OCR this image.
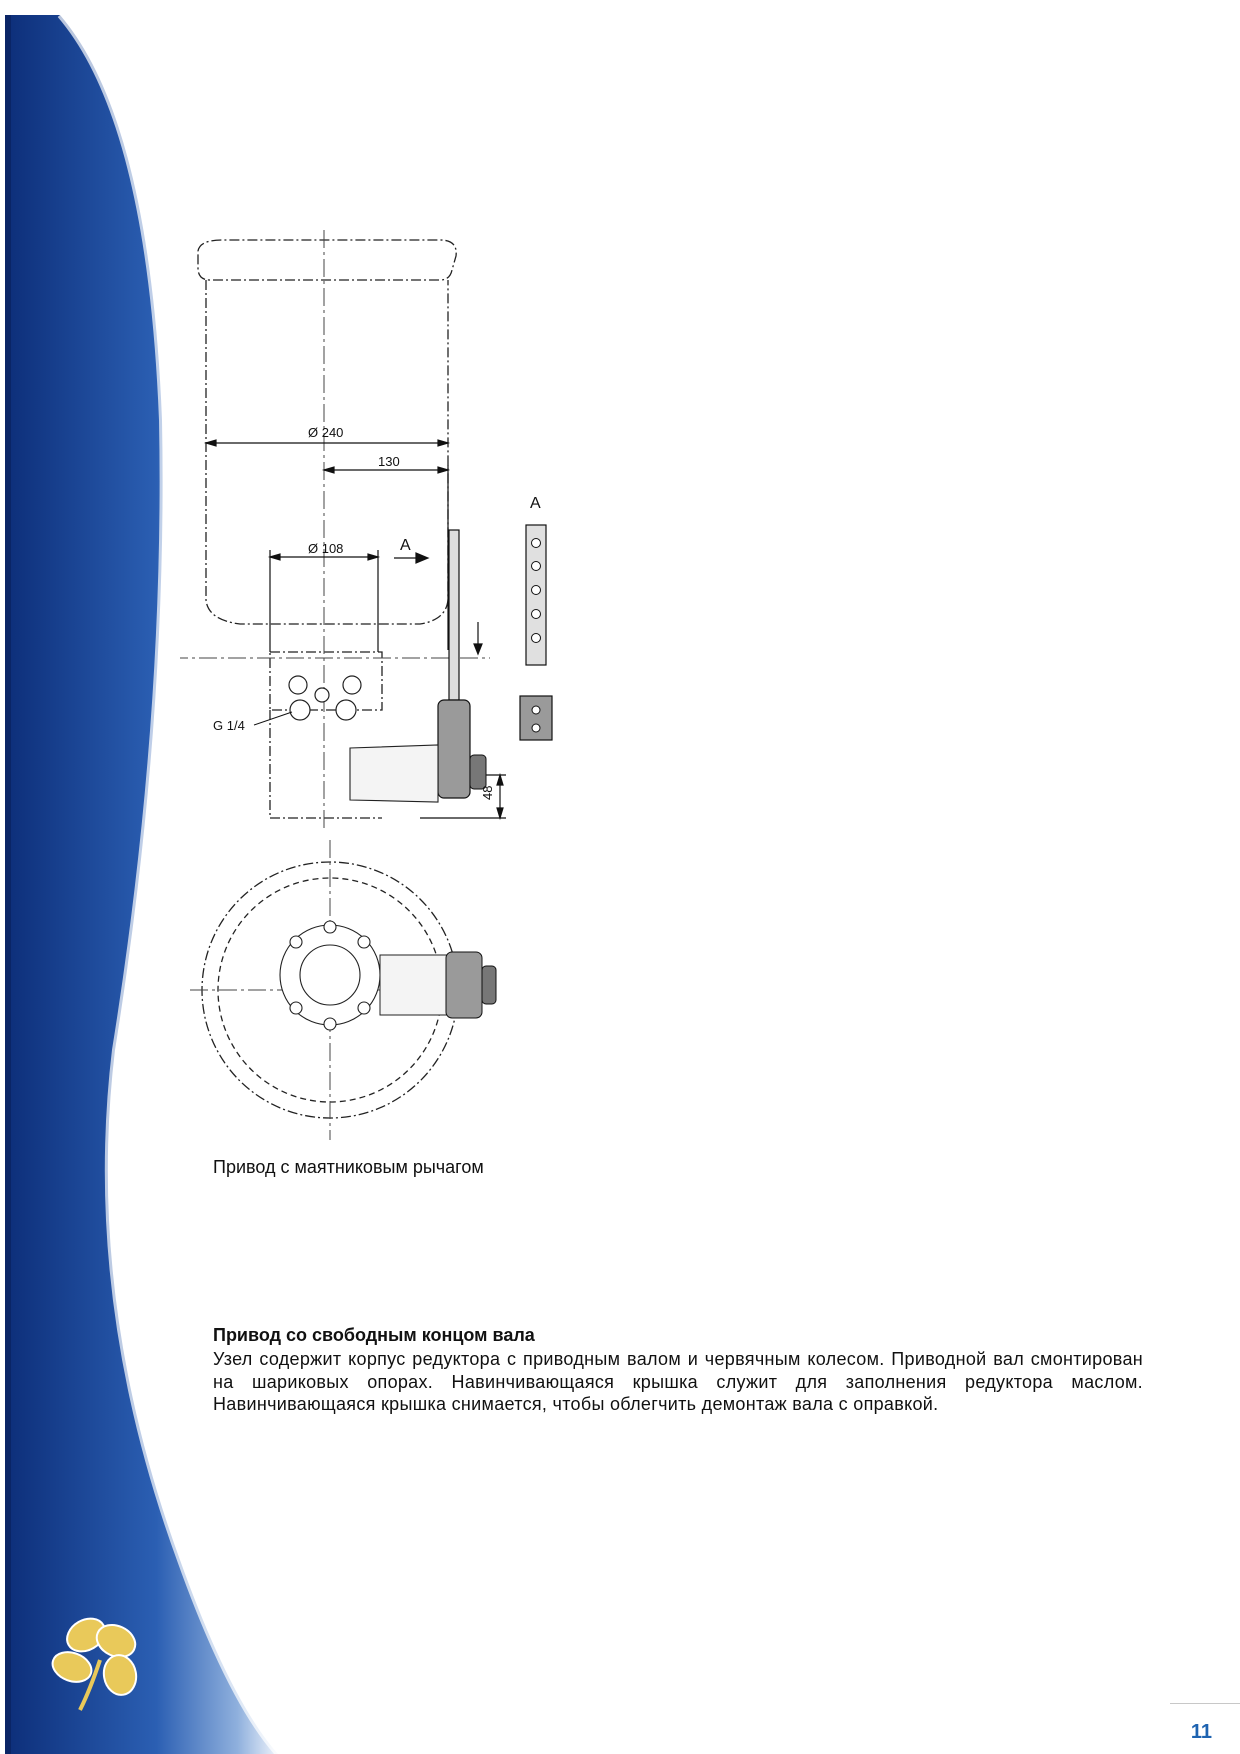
Ø 240
130
Ø 108	A
A
G 1/4
48
Привод с маятниковым рычагом
Привод со свободным концом вала

Узел содержит корпус редуктора с приводным валом и червячным колесом. Приводной вал смонтирован на шариковых опорах. Навинчивающаяся крышка служит для заполнения редуктора маслом. Навинчивающаяся крышка снимается, чтобы облегчить демонтаж вала с оправкой.

11
